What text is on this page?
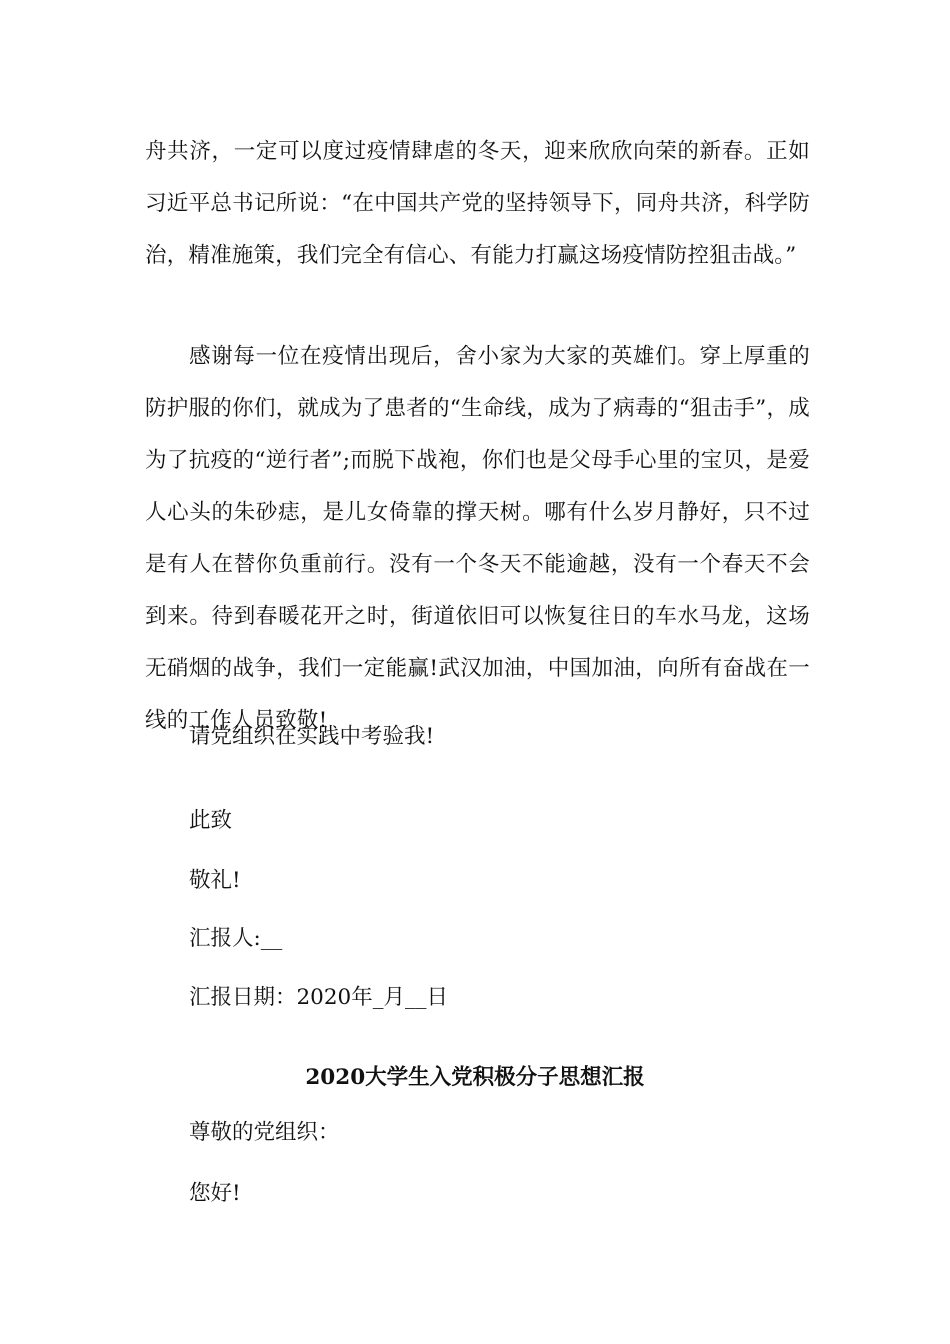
舟共济，一定可以度过疫情肆虐的冬天，迎来欣欣向荣的新春。正如习近平总书记所说：“在中国共产党的坚持领导下，同舟共济，科学防治，精准施策，我们完全有信心、有能力打赢这场疫情防控狙击战。”

感谢每一位在疫情出现后，舍小家为大家的英雄们。穿上厚重的防护服的你们，就成为了患者的“生命线，成为了病毒的“狙击手”，成为了抗疫的“逆行者”;而脱下战袍，你们也是父母手心里的宝贝，是爱人心头的朱砂痣，是儿女倚靠的撑天树。哪有什么岁月静好，只不过是有人在替你负重前行。没有一个冬天不能逾越，没有一个春天不会到来。待到春暖花开之时，街道依旧可以恢复往日的车水马龙，这场无硝烟的战争，我们一定能赢!武汉加油，中国加油，向所有奋战在一线的工作人员致敬!

请党组织在实践中考验我!

此致

敬礼!

汇报人:__

汇报日期：2020年_月__日

2020大学生入党积极分子思想汇报

尊敬的党组织：

您好!
